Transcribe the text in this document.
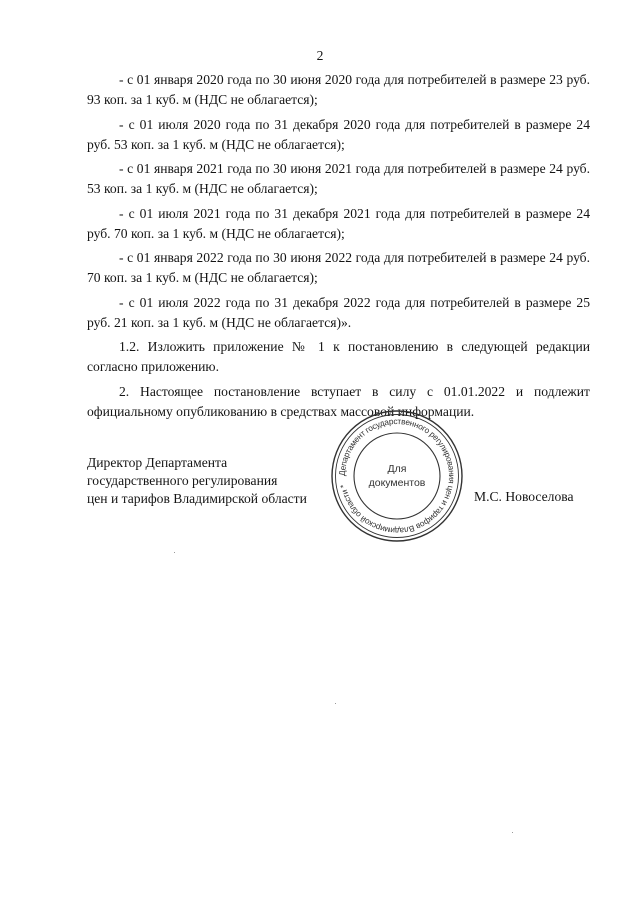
2

- с 01 января 2020 года по 30 июня 2020 года для потребителей в размере 23 руб. 93 коп. за 1 куб. м (НДС не облагается);

- с 01 июля 2020 года по 31 декабря 2020 года для потребителей в размере 24 руб. 53 коп. за 1 куб. м (НДС не облагается);

- с 01 января 2021 года по 30 июня 2021 года для потребителей в размере 24 руб. 53 коп. за 1 куб. м (НДС не облагается);

- с 01 июля 2021 года по 31 декабря 2021 года для потребителей в размере 24 руб. 70 коп. за 1 куб. м (НДС не облагается);

- с 01 января 2022 года по 30 июня 2022 года для потребителей в размере 24 руб. 70 коп. за 1 куб. м (НДС не облагается);

- с 01 июля 2022 года по 31 декабря 2022 года для потребителей в размере 25 руб. 21 коп. за 1 куб. м (НДС не облагается)».

1.2. Изложить приложение № 1 к постановлению в следующей редакции согласно приложению.

2. Настоящее постановление вступает в силу с 01.01.2022 и подлежит официальному опубликованию в средствах массовой информации.

Директор Департамента
государственного регулирования
цен и тарифов Владимирской области
Департамент государственного регулирования цен и тарифов Владимирской области *
Для
документов
М.С. Новоселова
